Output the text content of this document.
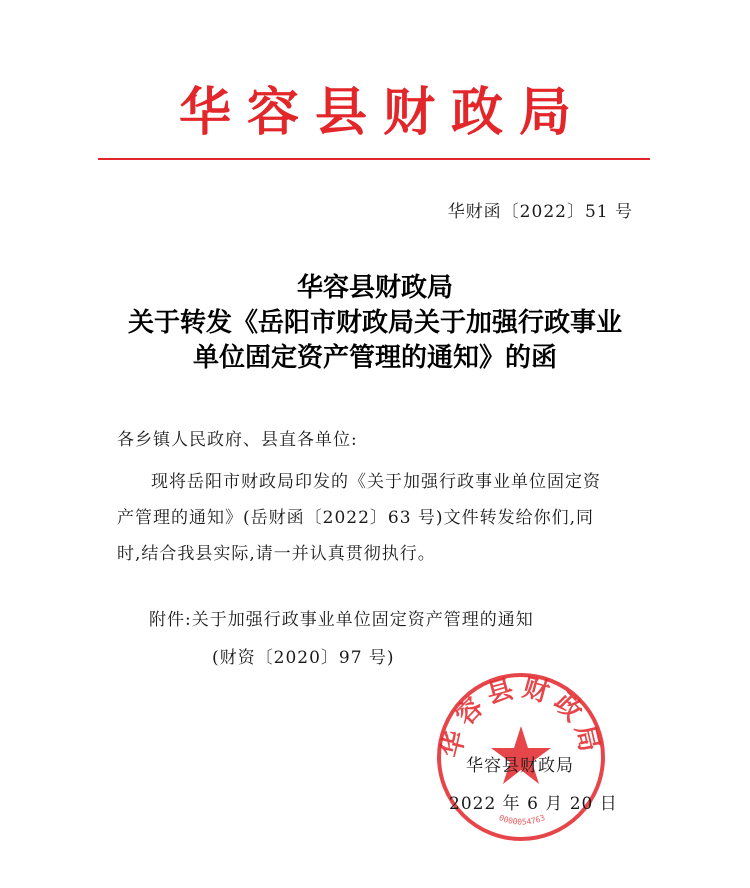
华容县财政局
华财函〔2022〕51 号
华容县财政局
关于转发《岳阳市财政局关于加强行政事业
单位固定资产管理的通知》的函
各乡镇人民政府、县直各单位:
现将岳阳市财政局印发的《关于加强行政事业单位固定资
产管理的通知》(岳财函〔2022〕63 号)文件转发给你们,同
时,结合我县实际,请一并认真贯彻执行。
附件:关于加强行政事业单位固定资产管理的通知
(财资〔2020〕97 号)
华容县财政局
0000054763
华容县财政局
2022 年 6 月 20 日
